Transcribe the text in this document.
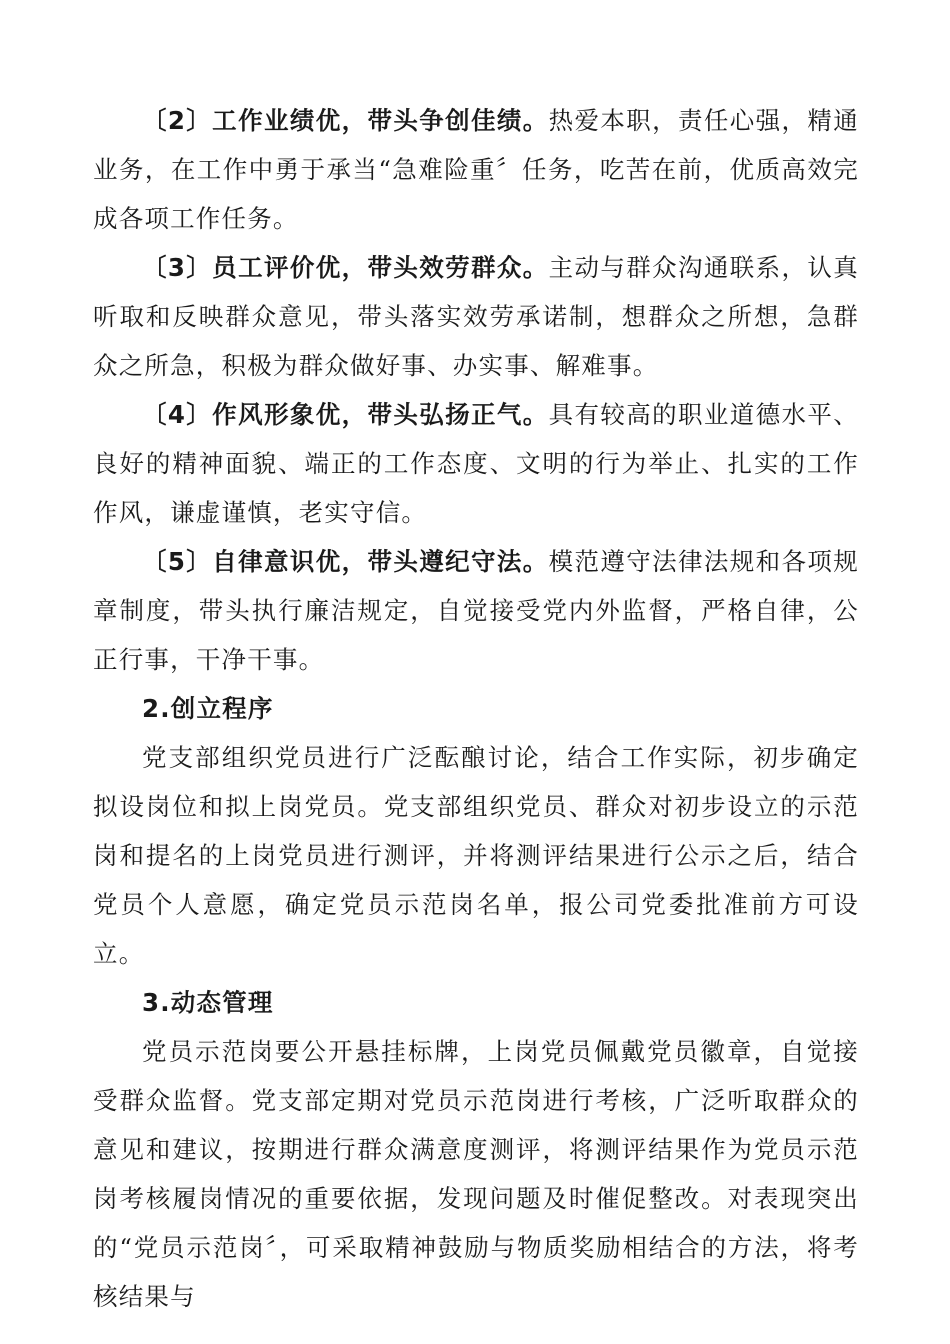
〔2〕工作业绩优，带头争创佳绩。热爱本职，责任心强，精通业务，在工作中勇于承当“急难险重〞任务，吃苦在前，优质高效完成各项工作任务。

〔3〕员工评价优，带头效劳群众。主动与群众沟通联系，认真听取和反映群众意见，带头落实效劳承诺制，想群众之所想，急群众之所急，积极为群众做好事、办实事、解难事。

〔4〕作风形象优，带头弘扬正气。具有较高的职业道德水平、良好的精神面貌、端正的工作态度、文明的行为举止、扎实的工作作风，谦虚谨慎，老实守信。

〔5〕自律意识优，带头遵纪守法。模范遵守法律法规和各项规章制度，带头执行廉洁规定，自觉接受党内外监督，严格自律，公正行事，干净干事。

2.创立程序

党支部组织党员进行广泛酝酿讨论，结合工作实际，初步确定拟设岗位和拟上岗党员。党支部组织党员、群众对初步设立的示范岗和提名的上岗党员进行测评，并将测评结果进行公示之后，结合党员个人意愿，确定党员示范岗名单，报公司党委批准前方可设立。

3.动态管理

党员示范岗要公开悬挂标牌，上岗党员佩戴党员徽章，自觉接受群众监督。党支部定期对党员示范岗进行考核，广泛听取群众的意见和建议，按期进行群众满意度测评，将测评结果作为党员示范岗考核履岗情况的重要依据，发现问题及时催促整改。对表现突出的“党员示范岗〞，可采取精神鼓励与物质奖励相结合的方法，将考核结果与
